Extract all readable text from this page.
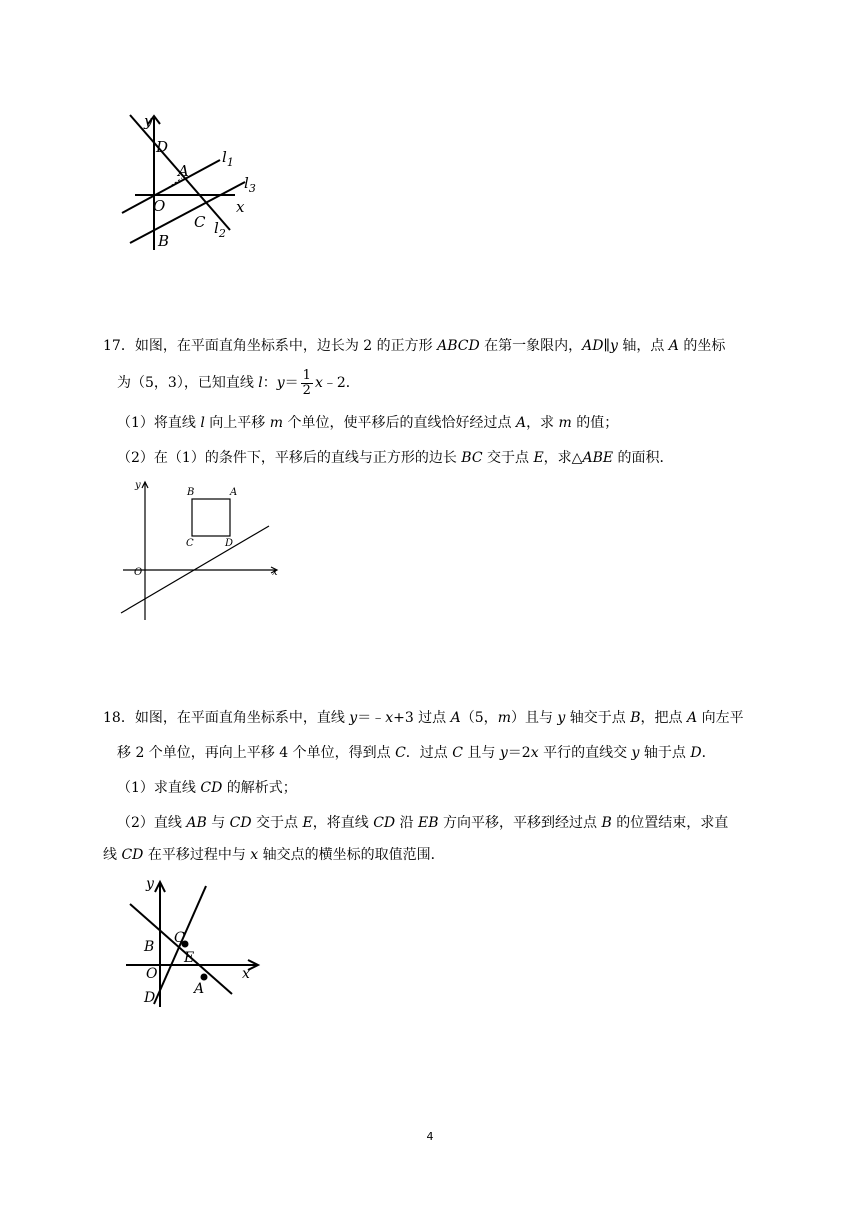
y
D
A
O	x
C
B
$l_1$
$l_3$
$l_2$
17．如图，在平面直角坐标系中，边长为 2 的正方形 ABCD 在第一象限内，AD∥y 轴，点 A 的坐标
为（5，3），已知直线 l：$y= \frac{1}{2}$ x﹣2．
（1）将直线 l 向上平移 m 个单位，使平移后的直线恰好经过点 A，求 m 的值；
（2）在（1）的条件下，平移后的直线与正方形的边长 BC 交于点 E，求△ABE 的面积．
y
B	A
C	D
O	x
18．如图，在平面直角坐标系中，直线 y＝﹣x+3 过点 A（5，m）且与 y 轴交于点 B，把点 A 向左平
移 2 个单位，再向上平移 4 个单位，得到点 C．过点 C 且与 y＝2x 平行的直线交 y 轴于点 D．
（1）求直线 CD 的解析式；
（2）直线 AB 与 CD 交于点 E，将直线 CD 沿 EB 方向平移，平移到经过点 B 的位置结束，求直
线 CD 在平移过程中与 x 轴交点的横坐标的取值范围．
y
B
C
E
O	x
A
D
4
